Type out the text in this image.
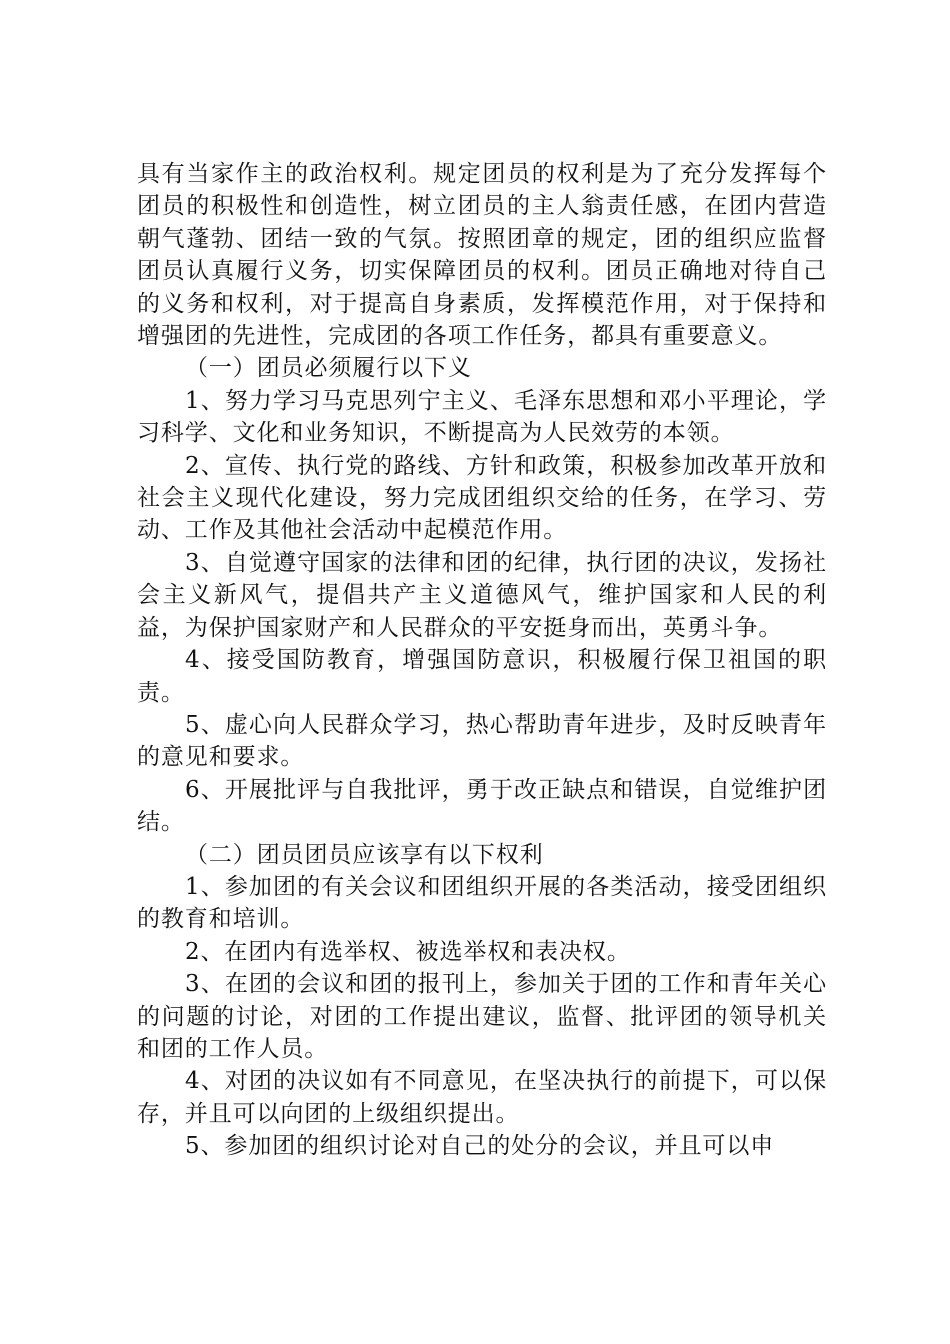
具有当家作主的政治权利。规定团员的权利是为了充分发挥每个团员的积极性和创造性，树立团员的主人翁责任感，在团内营造朝气蓬勃、团结一致的气氛。按照团章的规定，团的组织应监督团员认真履行义务，切实保障团员的权利。团员正确地对待自己的义务和权利，对于提高自身素质，发挥模范作用，对于保持和增强团的先进性，完成团的各项工作任务，都具有重要意义。

（一）团员必须履行以下义

1、努力学习马克思列宁主义、毛泽东思想和邓小平理论，学习科学、文化和业务知识，不断提高为人民效劳的本领。

2、宣传、执行党的路线、方针和政策，积极参加改革开放和社会主义现代化建设，努力完成团组织交给的任务，在学习、劳动、工作及其他社会活动中起模范作用。

3、自觉遵守国家的法律和团的纪律，执行团的决议，发扬社会主义新风气，提倡共产主义道德风气，维护国家和人民的利益，为保护国家财产和人民群众的平安挺身而出，英勇斗争。

4、接受国防教育，增强国防意识，积极履行保卫祖国的职责。

5、虚心向人民群众学习，热心帮助青年进步，及时反映青年的意见和要求。

6、开展批评与自我批评，勇于改正缺点和错误，自觉维护团结。

（二）团员团员应该享有以下权利

1、参加团的有关会议和团组织开展的各类活动，接受团组织的教育和培训。

2、在团内有选举权、被选举权和表决权。

3、在团的会议和团的报刊上，参加关于团的工作和青年关心的问题的讨论，对团的工作提出建议，监督、批评团的领导机关和团的工作人员。

4、对团的决议如有不同意见，在坚决执行的前提下，可以保存，并且可以向团的上级组织提出。

5、参加团的组织讨论对自己的处分的会议，并且可以申
